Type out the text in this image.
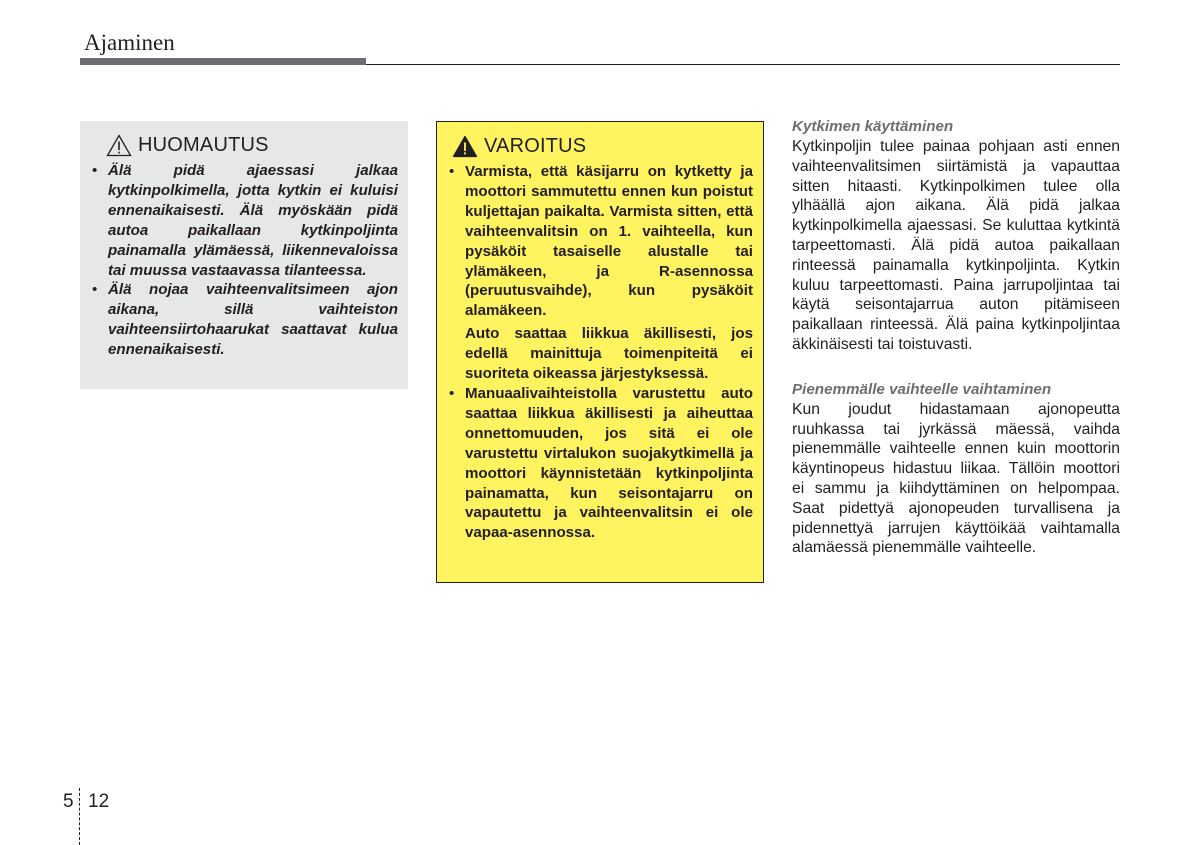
Ajaminen
HUOMAUTUS
• Älä pidä ajaessasi jalkaa kytkinpolkimella, jotta kytkin ei kuluisi ennenaikaisesti. Älä myöskään pidä autoa paikallaan kytkinpoljinta painamalla ylämäessä, liikennevaloissa tai muussa vastaavassa tilanteessa.
• Älä nojaa vaihteenvalitsimeen ajon aikana, sillä vaihteiston vaihteensiirtohaarukat saattavat kulua ennenaikaisesti.
VAROITUS
• Varmista, että käsijarru on kytketty ja moottori sammutettu ennen kun poistut kuljettajan paikalta. Varmista sitten, että vaihteenvalitsin on 1. vaihteella, kun pysäköit tasaiselle alustalle tai ylämäkeen, ja R-asennossa (peruutusvaihde), kun pysäköit alamäkeen.

Auto saattaa liikkua äkillisesti, jos edellä mainittuja toimenpiteitä ei suoriteta oikeassa järjestyksessä.

• Manuaalivaihteistolla varustettu auto saattaa liikkua äkillisesti ja aiheuttaa onnettomuuden, jos sitä ei ole varustettu virtalukon suojakytkimellä ja moottori käynnistetään kytkinpoljinta painamatta, kun seisontajarru on vapautettu ja vaihteenvalitsin ei ole vapaa-asennossa.

Kytkimen käyttäminen

Kytkinpoljin tulee painaa pohjaan asti ennen vaihteenvalitsimen siirtämistä ja vapauttaa sitten hitaasti. Kytkinpolkimen tulee olla ylhäällä ajon aikana. Älä pidä jalkaa kytkinpolkimella ajaessasi. Se kuluttaa kytkintä tarpeettomasti. Älä pidä autoa paikallaan rinteessä painamalla kytkinpoljinta. Kytkin kuluu tarpeettomasti. Paina jarrupoljintaa tai käytä seisontajarrua auton pitämiseen paikallaan rinteessä. Älä paina kytkinpoljintaa äkkinäisesti tai toistuvasti.

Pienemmälle vaihteelle vaihtaminen

Kun joudut hidastamaan ajonopeutta ruuhkassa tai jyrkässä mäessä, vaihda pienemmälle vaihteelle ennen kuin moottorin käyntinopeus hidastuu liikaa. Tällöin moottori ei sammu ja kiihdyttäminen on helpompaa. Saat pidettyä ajonopeuden turvallisena ja pidennettyä jarrujen käyttöikää vaihtamalla alamäessä pienemmälle vaihteelle.

5 12
